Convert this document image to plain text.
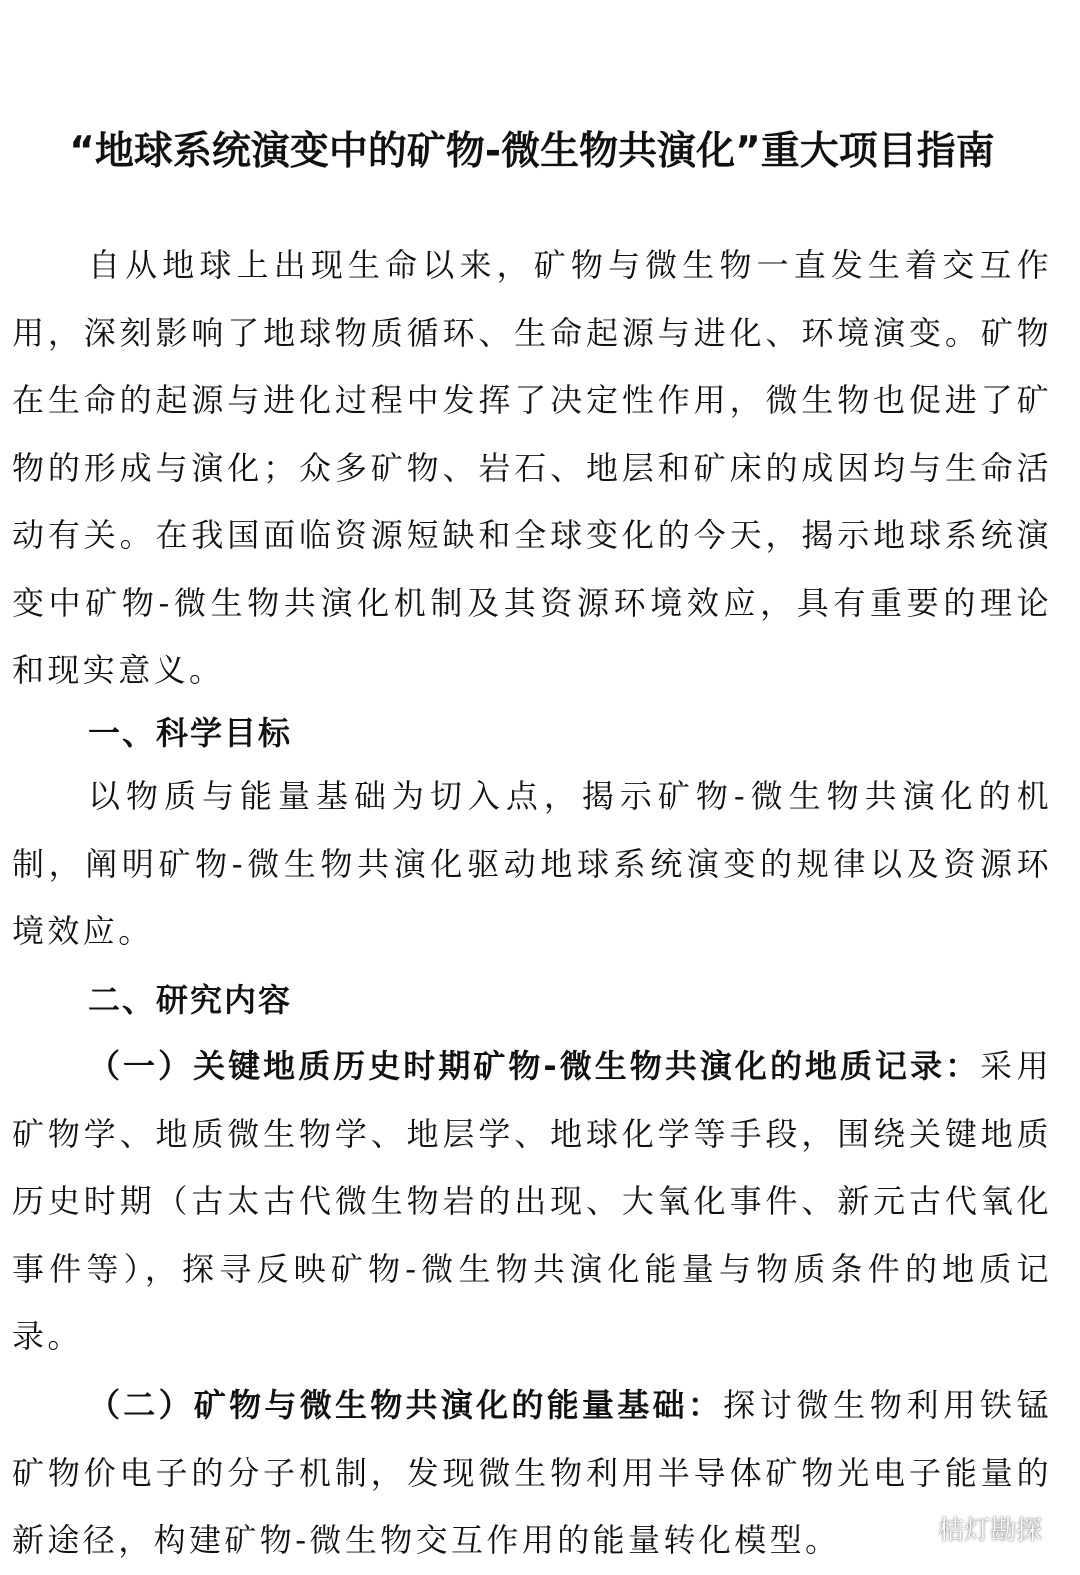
“地球系统演变中的矿物-微生物共演化”重大项目指南

自从地球上出现生命以来，矿物与微生物一直发生着交互作用，深刻影响了地球物质循环、生命起源与进化、环境演变。矿物在生命的起源与进化过程中发挥了决定性作用，微生物也促进了矿物的形成与演化；众多矿物、岩石、地层和矿床的成因均与生命活动有关。在我国面临资源短缺和全球变化的今天，揭示地球系统演变中矿物-微生物共演化机制及其资源环境效应，具有重要的理论和现实意义。

一、科学目标

以物质与能量基础为切入点，揭示矿物-微生物共演化的机制，阐明矿物-微生物共演化驱动地球系统演变的规律以及资源环境效应。

二、研究内容

（一）关键地质历史时期矿物-微生物共演化的地质记录：采用矿物学、地质微生物学、地层学、地球化学等手段，围绕关键地质历史时期（古太古代微生物岩的出现、大氧化事件、新元古代氧化事件等），探寻反映矿物-微生物共演化能量与物质条件的地质记录。

（二）矿物与微生物共演化的能量基础：探讨微生物利用铁锰矿物价电子的分子机制，发现微生物利用半导体矿物光电子能量的新途径，构建矿物-微生物交互作用的能量转化模型。	桔灯勘探
